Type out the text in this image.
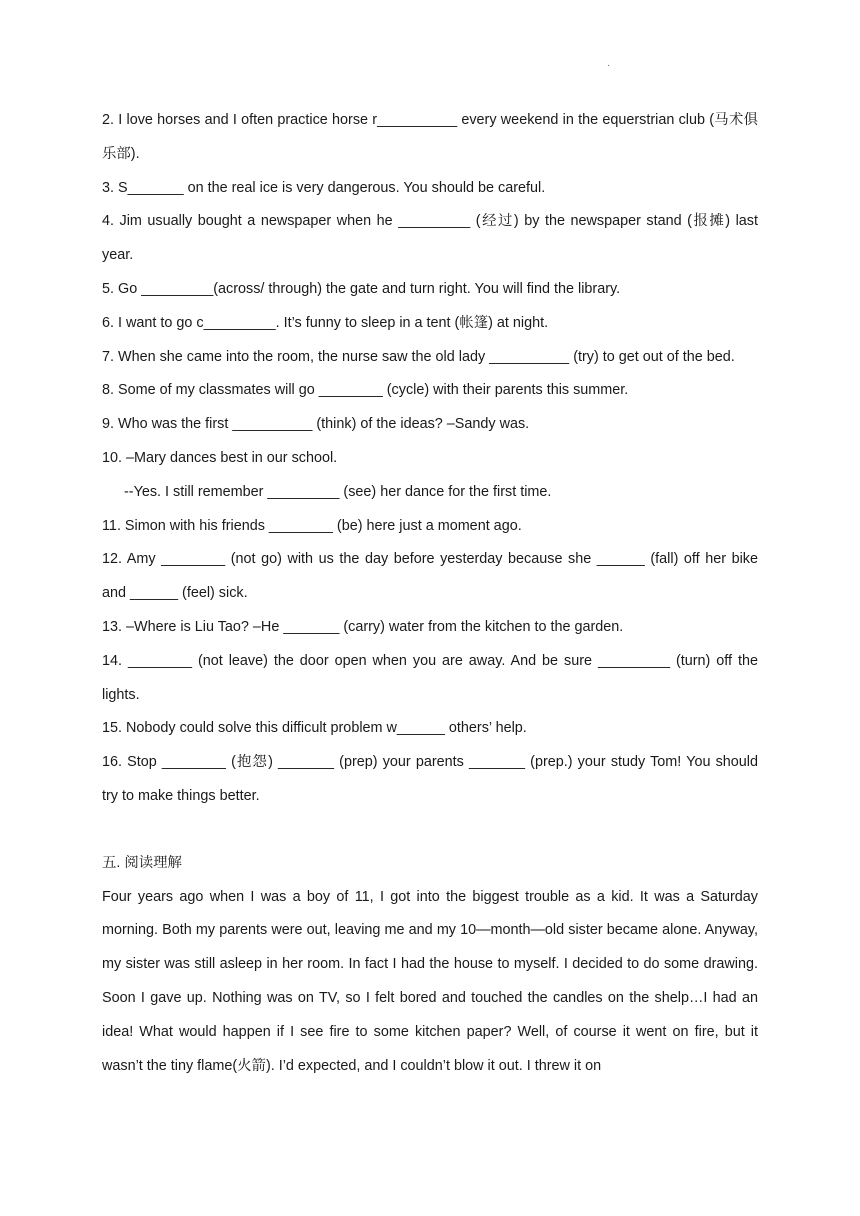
·

2. I love horses and I often practice horse r__________ every weekend in the equerstrian club (马术俱乐部).

3. S_______ on the real ice is very dangerous. You should be careful.

4. Jim usually bought a newspaper when he _________ (经过) by the newspaper stand (报摊) last year.

5. Go _________(across/ through) the gate and turn right. You will find the library.

6. I want to go c_________. It’s funny to sleep in a tent (帐篷) at night.

7. When she came into the room, the nurse saw the old lady __________ (try) to get out of the bed.

8. Some of my classmates will go ________ (cycle) with their parents this summer.

9. Who was the first __________ (think) of the ideas? –Sandy was.

10. –Mary dances best in our school.

--Yes. I still remember _________ (see) her dance for the first time.

11. Simon with his friends ________ (be) here just a moment ago.

12. Amy ________ (not go) with us the day before yesterday because she ______ (fall) off her bike and ______ (feel) sick.

13. –Where is Liu Tao? –He _______ (carry) water from the kitchen to the garden.

14. ________ (not leave) the door open when you are away. And be sure _________ (turn) off the lights.

15. Nobody could solve this difficult problem w______ others’ help.

16. Stop ________ (抱怨) _______ (prep) your parents _______ (prep.) your study Tom! You should try to make things better.

五. 阅读理解

Four years ago when I was a boy of 11, I got into the biggest trouble as a kid. It was a Saturday morning. Both my parents were out, leaving me and my 10—month—old sister became alone. Anyway, my sister was still asleep in her room. In fact I had the house to myself. I decided to do some drawing. Soon I gave up. Nothing was on TV, so I felt bored and touched the candles on the shelp…I had an idea! What would happen if I see fire to some kitchen paper? Well, of course it went on fire, but it wasn’t the tiny flame(火箭). I’d expected, and I couldn’t blow it out. I threw it on
